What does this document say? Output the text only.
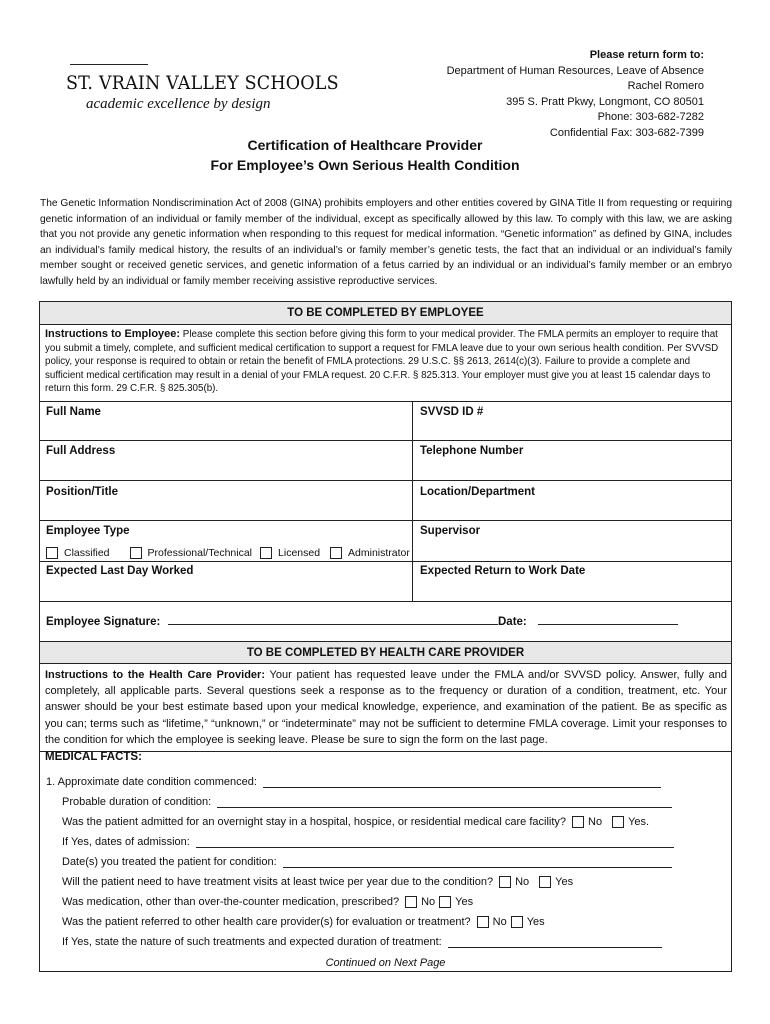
ST. VRAIN VALLEY SCHOOLS
academic excellence by design
Please return form to:
Department of Human Resources, Leave of Absence
Rachel Romero
395 S. Pratt Pkwy, Longmont, CO 80501
Phone: 303-682-7282
Confidential Fax: 303-682-7399
Certification of Healthcare Provider
For Employee’s Own Serious Health Condition
The Genetic Information Nondiscrimination Act of 2008 (GINA) prohibits employers and other entities covered by GINA Title II from requesting or requiring genetic information of an individual or family member of the individual, except as specifically allowed by this law. To comply with this law, we are asking that you not provide any genetic information when responding to this request for medical information. “Genetic information” as defined by GINA, includes an individual’s family medical history, the results of an individual’s or family member’s genetic tests, the fact that an individual or an individual’s family member sought or received genetic services, and genetic information of a fetus carried by an individual or an individual’s family member or an embryo lawfully held by an individual or family member receiving assistive reproductive services.
TO BE COMPLETED BY EMPLOYEE
Instructions to Employee: Please complete this section before giving this form to your medical provider. The FMLA permits an employer to require that you submit a timely, complete, and sufficient medical certification to support a request for FMLA leave due to your own serious health condition. Per SVVSD policy, your response is required to obtain or retain the benefit of FMLA protections. 29 U.S.C. §§ 2613, 2614(c)(3). Failure to provide a complete and sufficient medical certification may result in a denial of your FMLA request. 20 C.F.R. § 825.313. Your employer must give you at least 15 calendar days to return this form. 29 C.F.R. § 825.305(b).
Full Name	SVVSD ID #
Full Address	Telephone Number
Position/Title	Location/Department
Employee Type	Supervisor
Classified	Professional/Technical Licensed	Administrator
Expected Last Day Worked	Expected Return to Work Date
Employee Signature:	Date:
TO BE COMPLETED BY HEALTH CARE PROVIDER
Instructions to the Health Care Provider: Your patient has requested leave under the FMLA and/or SVVSD policy. Answer, fully and completely, all applicable parts. Several questions seek a response as to the frequency or duration of a condition, treatment, etc. Your answer should be your best estimate based upon your medical knowledge, experience, and examination of the patient. Be as specific as you can; terms such as “lifetime,” “unknown,” or “indeterminate” may not be sufficient to determine FMLA coverage. Limit your responses to the condition for which the employee is seeking leave. Please be sure to sign the form on the last page.
MEDICAL FACTS:
1. Approximate date condition commenced:
Probable duration of condition:
Was the patient admitted for an overnight stay in a hospital, hospice, or residential medical care facility? No Yes.
If Yes, dates of admission:
Date(s) you treated the patient for condition:
Will the patient need to have treatment visits at least twice per year due to the condition? No Yes
Was medication, other than over-the-counter medication, prescribed? No Yes
Was the patient referred to other health care provider(s) for evaluation or treatment? No Yes
If Yes, state the nature of such treatments and expected duration of treatment:
Continued on Next Page
